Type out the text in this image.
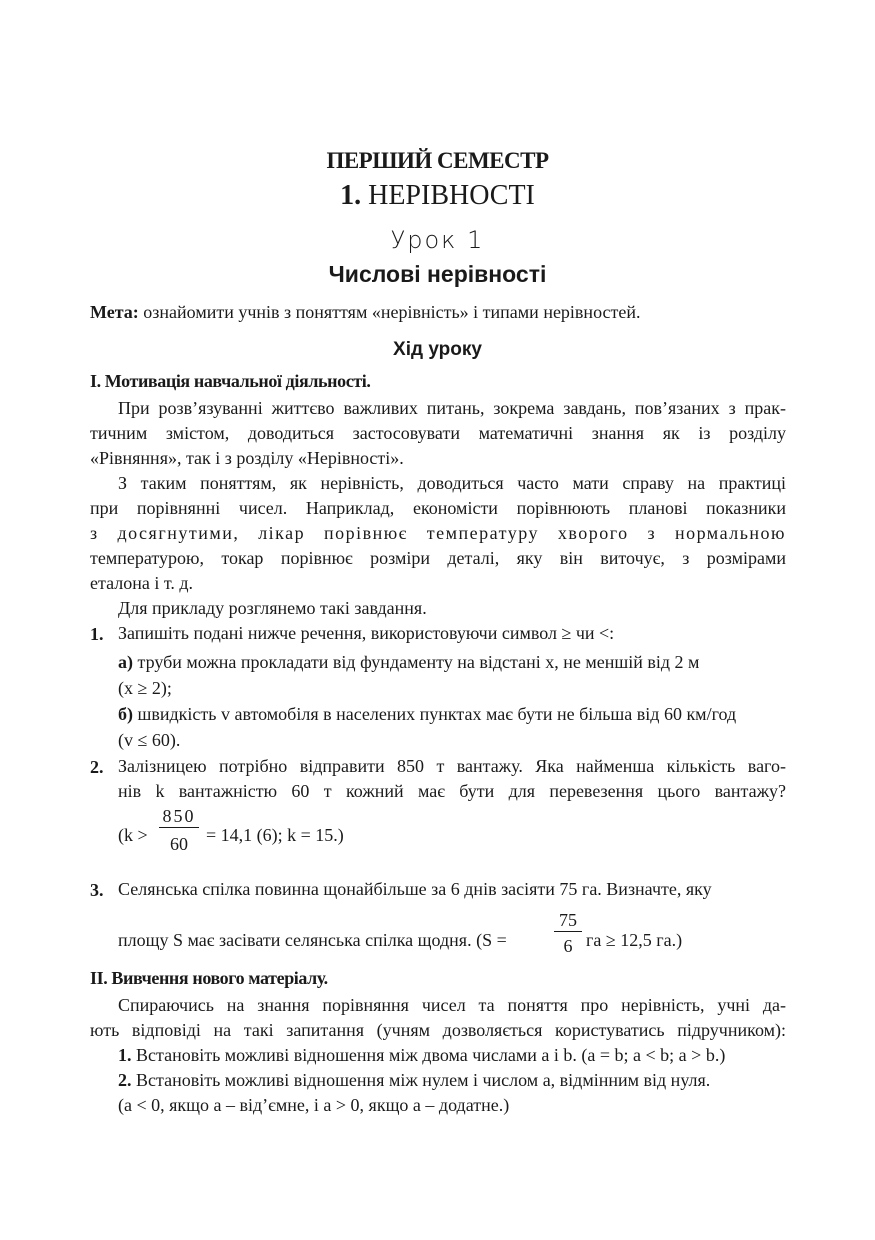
ПЕРШИЙ СЕМЕСТР
1. НЕРІВНОСТІ
Урок 1
Числові нерівності
Мета: ознайомити учнів з поняттям «нерівність» і типами нерівностей.
Хід уроку
I. Мотивація навчальної діяльності.
При розв’язуванні життєво важливих питань, зокрема завдань, пов’язаних з прак-
тичним змістом, доводиться застосовувати математичні знання як із розділу
«Рівняння», так і з розділу «Нерівності».
З таким поняттям, як нерівність, доводиться часто мати справу на практиці
при порівнянні чисел. Наприклад, економісти порівнюють планові показники
з досягнутими, лікар порівнює температуру хворого з нормальною
температурою, токар порівнює розміри деталі, яку він виточує, з розмірами
еталона і т. д.
Для прикладу розглянемо такі завдання.
1. Запишіть подані нижче речення, використовуючи символ ≥ чи <:
а) труби можна прокладати від фундаменту на відстані x, не меншій від 2 м
(x ≥ 2);
б) швидкість v автомобіля в населених пунктах має бути не більша від 60 км/год
(v ≤ 60).
2. Залізницею потрібно відправити 850 т вантажу. Яка найменша кількість ваго-
нів k вантажністю 60 т кожний має бути для перевезення цього вантажу?
(k >
850
60	= 14,1 (6); k = 15.)
3. Селянська спілка повинна щонайбільше за 6 днів засіяти 75 га. Визначте, яку
площу S має засівати селянська спілка щодня. (S =
75
6 га ≥ 12,5 га.)
II. Вивчення нового матеріалу.
Спираючись на знання порівняння чисел та поняття про нерівність, учні да-
ють відповіді на такі запитання (учням дозволяється користуватись підручником):
1. Встановіть можливі відношення між двома числами a і b. (a = b; a < b; a > b.)
2. Встановіть можливі відношення між нулем і числом a, відмінним від нуля.
(a < 0, якщо a – від’ємне, і a > 0, якщо a – додатне.)
